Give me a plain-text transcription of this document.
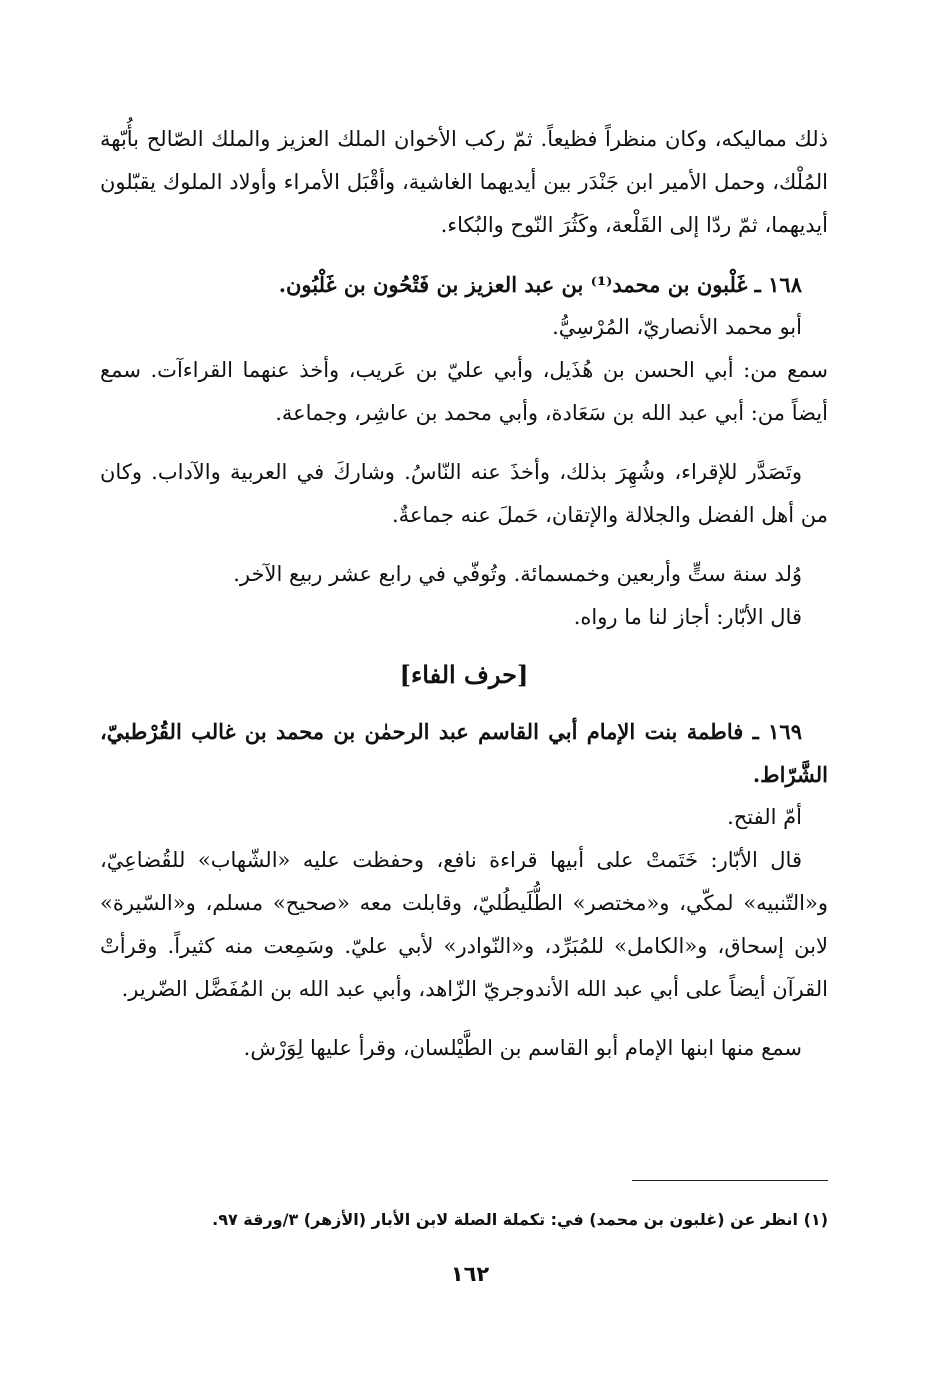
ذلك مماليكه، وكان منظراً فظيعاً. ثمّ ركب الأخوان الملك العزيز والملك الصّالح بأُبّهة المُلْك، وحمل الأمير ابن جَنْدَر بين أيديهما الغاشية، وأقْبَل الأمراء وأولاد الملوك يقبّلون أيديهما، ثمّ ردّا إلى القَلْعة، وكَثُرَ النّوح والبُكاء.

١٦٨ ـ غَلْبون بن محمد⁽¹⁾ بن عبد العزيز بن فَتْحُون بن غَلْبُون.

أبو محمد الأنصاريّ، المُرْسِيُّ.

سمع من: أبي الحسن بن هُذَيل، وأبي عليّ بن عَريب، وأخذ عنهما القراءآت. سمع أيضاً من: أبي عبد الله بن سَعَادة، وأبي محمد بن عاشِر، وجماعة.

وتَصَدَّر للإقراء، وشُهِرَ بذلك، وأخذَ عنه النّاسُ. وشاركَ في العربية والآداب. وكان من أهل الفضل والجلالة والإتقان، حَملَ عنه جماعةٌ.

وُلد سنة ستٍّ وأربعين وخمسمائة. وتُوفّي في رابع عشر ربيع الآخر.

قال الأبّار: أجاز لنا ما رواه.

[حرف الفاء]

١٦٩ ـ فاطمة بنت الإمام أبي القاسم عبد الرحمٰن بن محمد بن غالب القُرْطبيّ، الشَّرّاط.

أمّ الفتح.

قال الأبّار: خَتَمتْ على أبيها قراءة نافع، وحفظت عليه «الشّهاب» للقُضاعِيّ، و«التّنبيه» لمكّي، و«مختصر» الطُّلَيطُليّ، وقابلت معه «صحيح» مسلم، و«السّيرة» لابن إسحاق، و«الكامل» للمُبَرِّد، و«النّوادر» لأبي عليّ. وسَمِعت منه كثيراً. وقرأتْ القرآن أيضاً على أبي عبد الله الأندوجريّ الزّاهد، وأبي عبد الله بن المُفَضَّل الضّرير.

سمع منها ابنها الإمام أبو القاسم بن الطَّيْلسان، وقرأ عليها لِوَرْش.

(١) انظر عن (غلبون بن محمد) في: تكملة الصلة لابن الأبار (الأزهر) ٣/ورقة ٩٧.
١٦٢
